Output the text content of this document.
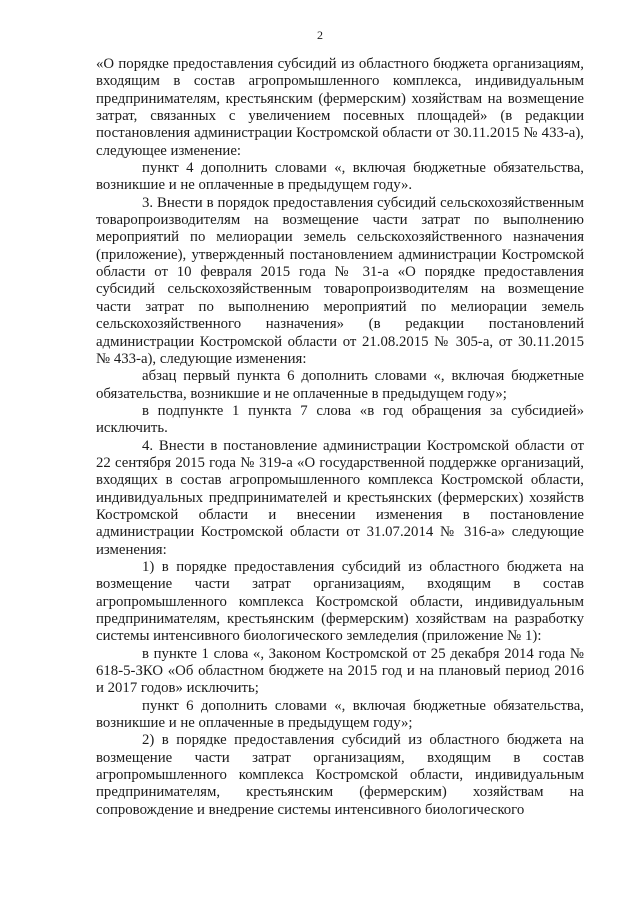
2

«О порядке предоставления субсидий из областного бюджета организациям, входящим в состав агропромышленного комплекса, индивидуальным предпринимателям, крестьянским (фермерским) хозяйствам на возмещение затрат, связанных с увеличением посевных площадей» (в редакции постановления администрации Костромской области от 30.11.2015 № 433-а), следующее изменение:

пункт 4 дополнить словами «, включая бюджетные обязательства, возникшие и не оплаченные в предыдущем году».

3. Внести в порядок предоставления субсидий сельскохозяйственным товаропроизводителям на возмещение части затрат по выполнению мероприятий по мелиорации земель сельскохозяйственного назначения (приложение), утвержденный постановлением администрации Костромской области от 10 февраля 2015 года № 31-а «О порядке предоставления субсидий сельскохозяйственным товаропроизводителям на возмещение части затрат по выполнению мероприятий по мелиорации земель сельскохозяйственного назначения» (в редакции постановлений администрации Костромской области от 21.08.2015 № 305-а, от 30.11.2015 № 433-а), следующие изменения:

абзац первый пункта 6 дополнить словами «, включая бюджетные обязательства, возникшие и не оплаченные в предыдущем году»;

в подпункте 1 пункта 7 слова «в год обращения за субсидией» исключить.

4. Внести в постановление администрации Костромской области от 22 сентября 2015 года № 319-а «О государственной поддержке организаций, входящих в состав агропромышленного комплекса Костромской области, индивидуальных предпринимателей и крестьянских (фермерских) хозяйств Костромской области и внесении изменения в постановление администрации Костромской области от 31.07.2014 № 316-а» следующие изменения:

1) в порядке предоставления субсидий из областного бюджета на возмещение части затрат организациям, входящим в состав агропромышленного комплекса Костромской области, индивидуальным предпринимателям, крестьянским (фермерским) хозяйствам на разработку системы интенсивного биологического земледелия (приложение № 1):

в пункте 1 слова «, Законом Костромской от 25 декабря 2014 года № 618-5-ЗКО «Об областном бюджете на 2015 год и на плановый период 2016 и 2017 годов» исключить;

пункт 6 дополнить словами «, включая бюджетные обязательства, возникшие и не оплаченные в предыдущем году»;

2) в порядке предоставления субсидий из областного бюджета на возмещение части затрат организациям, входящим в состав агропромышленного комплекса Костромской области, индивидуальным предпринимателям, крестьянским (фермерским) хозяйствам на сопровождение и внедрение системы интенсивного биологического
